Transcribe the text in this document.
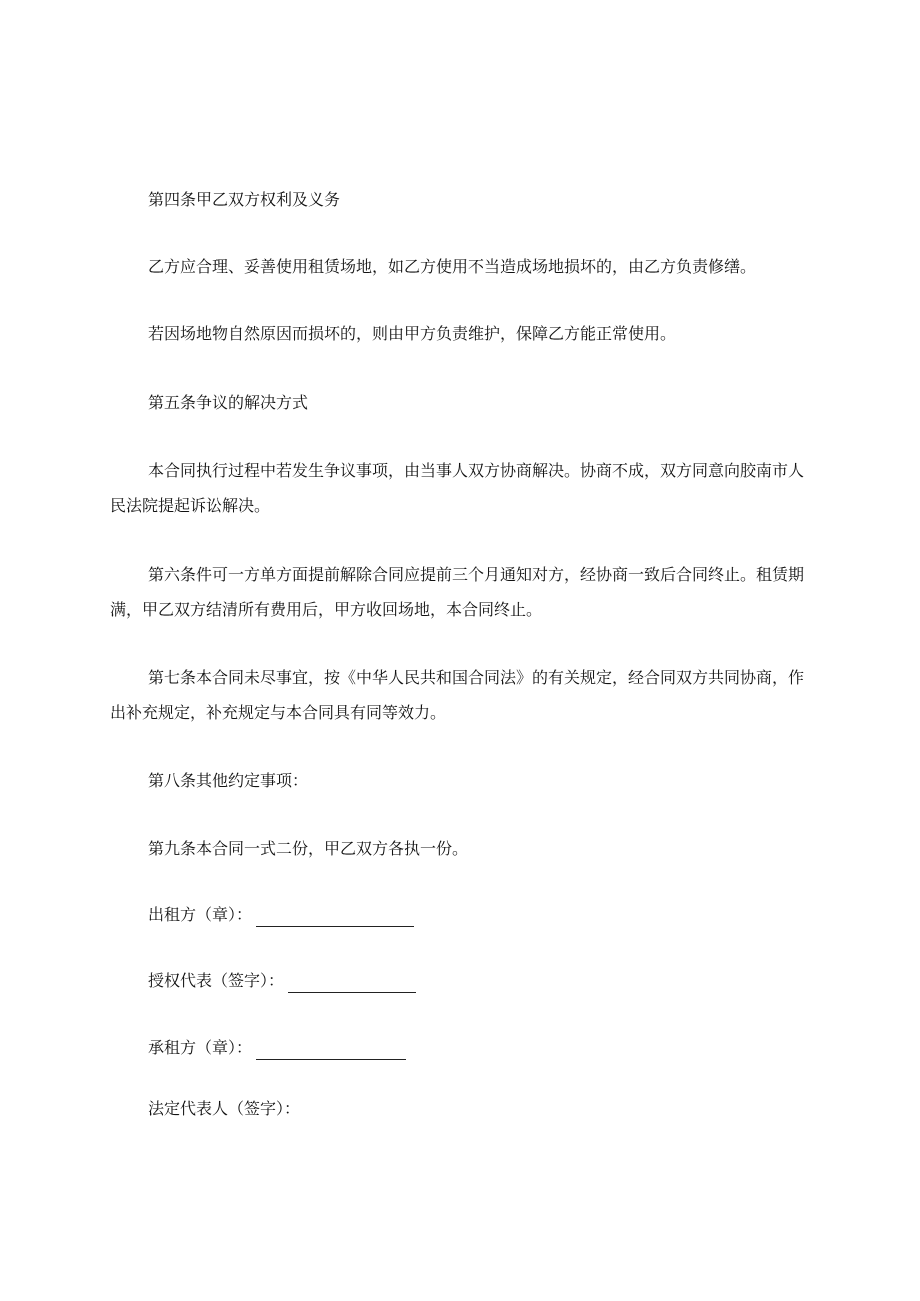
第四条甲乙双方权利及义务

乙方应合理、妥善使用租赁场地，如乙方使用不当造成场地损坏的，由乙方负责修缮。

若因场地物自然原因而损坏的，则由甲方负责维护，保障乙方能正常使用。

第五条争议的解决方式

本合同执行过程中若发生争议事项，由当事人双方协商解决。协商不成，双方同意向胶南市人民法院提起诉讼解决。

第六条件可一方单方面提前解除合同应提前三个月通知对方，经协商一致后合同终止。租赁期满，甲乙双方结清所有费用后，甲方收回场地，本合同终止。

第七条本合同未尽事宜，按《中华人民共和国合同法》的有关规定，经合同双方共同协商，作出补充规定，补充规定与本合同具有同等效力。

第八条其他约定事项：

第九条本合同一式二份，甲乙双方各执一份。

出租方（章）：
授权代表（签字）：
承租方（章）：
法定代表人（签字）：
